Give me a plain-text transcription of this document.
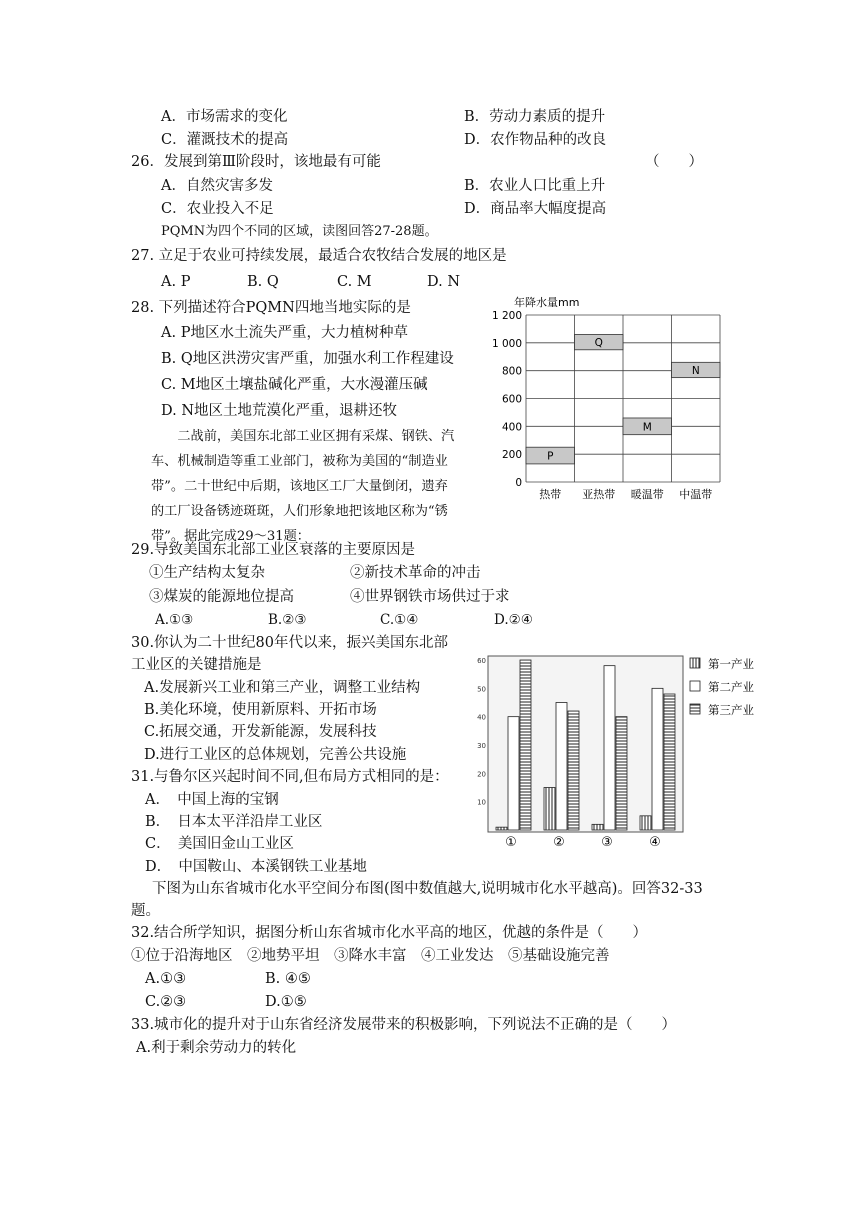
A．市场需求的变化	B．劳动力素质的提升
C．灌溉技术的提高	D．农作物品种的改良
26．发展到第Ⅲ阶段时，该地最有可能	（　　）
A．自然灾害多发	B．农业人口比重上升
C．农业投入不足	D．商品率大幅度提高
PQMN为四个不同的区域，读图回答27-28题。
27. 立足于农业可持续发展，最适合农牧结合发展的地区是
A. P	B. Q	C. M	D. N
28. 下列描述符合PQMN四地当地实际的是
A. P地区水土流失严重，大力植树种草
B. Q地区洪涝灾害严重，加强水利工作程建设
C. M地区土壤盐碱化严重，大水漫灌压碱
D. N地区土地荒漠化严重，退耕还牧
年降水量mm
0
200
400
600
800
1 000
1 200
P
Q
M
N
热带 亚热带 暖温带 中温带
　　二战前，美国东北部工业区拥有采煤、钢铁、汽
车、机械制造等重工业部门，被称为美国的“制造业
带”。二十世纪中后期，该地区工厂大量倒闭，遗弃
的工厂设备锈迹斑斑，人们形象地把该地区称为“锈
带”。据此完成29～31题：
29.导致美国东北部工业区衰落的主要原因是
①生产结构太复杂	②新技术革命的冲击
③煤炭的能源地位提高	④世界钢铁市场供过于求
A.①③	B.②③	C.①④	D.②④
30.你认为二十世纪80年代以来，振兴美国东北部
工业区的关键措施是
A.发展新兴工业和第三产业，调整工业结构
B.美化环境，使用新原料、开拓市场
C.拓展交通，开发新能源，发展科技
D.进行工业区的总体规划，完善公共设施
10
20
30
40
50
60
①	②	③	④
第一产业
第二产业
第三产业
31.与鲁尔区兴起时间不同,但布局方式相同的是：
A．　中国上海的宝钢
B．　日本太平洋沿岸工业区
C．　美国旧金山工业区
D．　中国鞍山、本溪钢铁工业基地
下图为山东省城市化水平空间分布图(图中数值越大,说明城市化水平越高)。回答32-33
题。
32.结合所学知识，据图分析山东省城市化水平高的地区，优越的条件是（　　）
①位于沿海地区　②地势平坦　③降水丰富　④工业发达　⑤基础设施完善
A.①③	B. ④⑤
C.②③	D.①⑤
33.城市化的提升对于山东省经济发展带来的积极影响，下列说法不正确的是（　　）
A.利于剩余劳动力的转化
